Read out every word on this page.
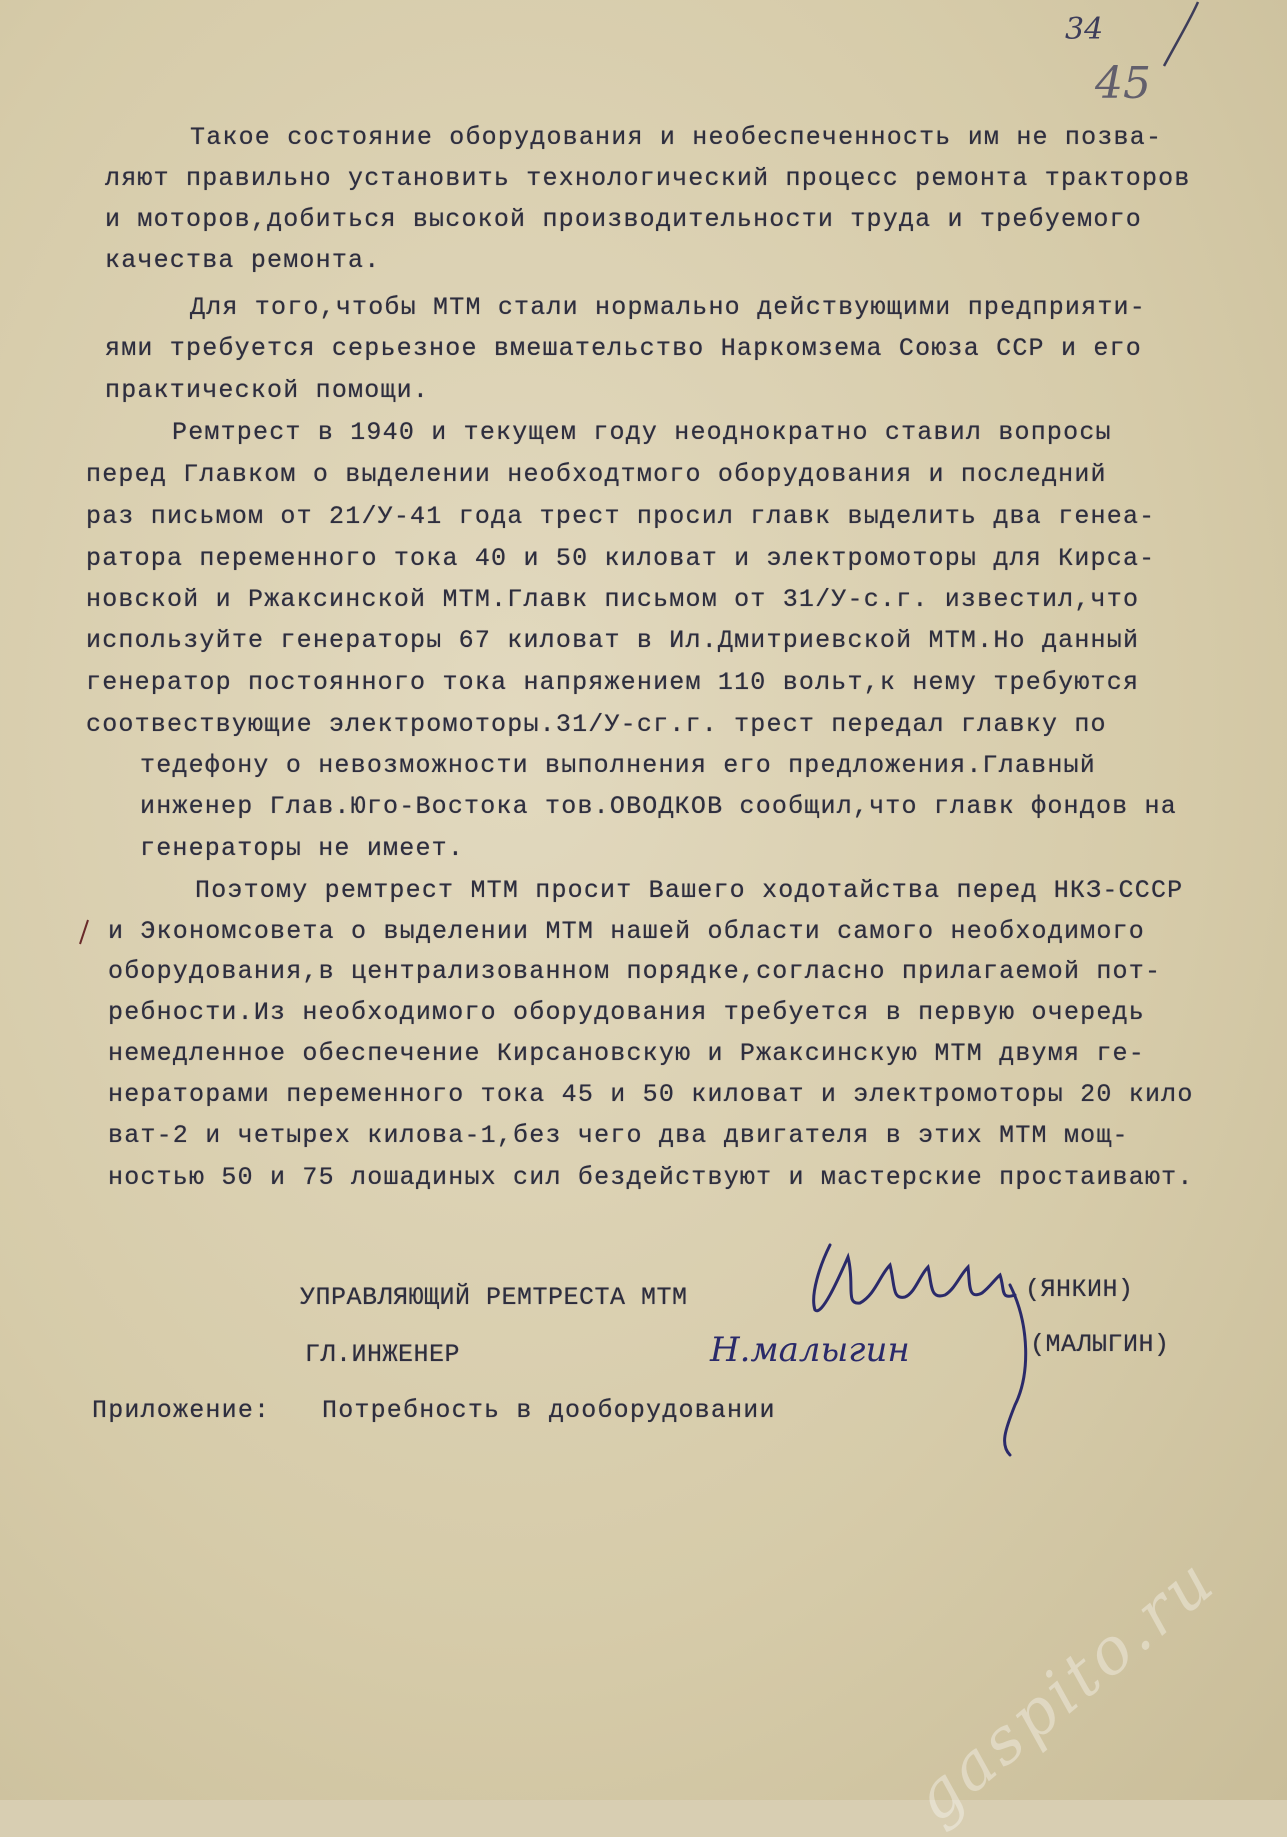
34
45
Такое состояние оборудования и необеспеченность им не позва-
ляют правильно установить технологический процесс ремонта тракторов
и моторов,добиться высокой производительности труда и требуемого
качества ремонта.
Для того,чтобы МТМ стали нормально действующими предприяти-
ями требуется серьезное вмешательство Наркомзема Союза ССР и его
практической помощи.
Ремтрест в 1940 и текущем году неоднократно ставил вопросы
перед Главком о выделении необходтмого оборудования и последний
раз письмом от 21/У-41 года трест просил главк выделить два генеа-
ратора переменного тока 40 и 50 киловат и электромоторы для Кирса-
новской и Ржаксинской МТМ.Главк письмом от 31/У-с.г. известил,что
используйте генераторы 67 киловат в Ил.Дмитриевской МТМ.Но данный
генератор постоянного тока напряжением 110 вольт,к нему требуются
соотвествующие электромоторы.31/У-сг.г. трест передал главку по
тедефону о невозможности выполнения его предложения.Главный
инженер Глав.Юго-Востока тов.ОВОДКОВ сообщил,что главк фондов на
генераторы не имеет.
Поэтому ремтрест МТМ просит Вашего ходотайства перед НКЗ-СССР
и Экономсовета о выделении МТМ нашей области самого необходимого
оборудования,в централизованном порядке,согласно прилагаемой пот-
ребности.Из необходимого оборудования требуется в первую очередь
немедленное обеспечение Кирсановскую и Ржаксинскую МТМ двумя ге-
нераторами переменного тока 45 и 50 киловат и электромоторы 20 кило
ват-2 и четырех килова-1,без чего два двигателя в этих МТМ мощ-
ностью 50 и 75 лошадиных сил бездействуют и мастерские простаивают.
УПРАВЛЯЮЩИЙ РЕМТРЕСТА МТМ	(ЯНКИН)
ГЛ.ИНЖЕНЕР	(МАЛЫГИН)
Н.малыгин
Приложение: Потребность в дооборудовании
gaspito.ru
